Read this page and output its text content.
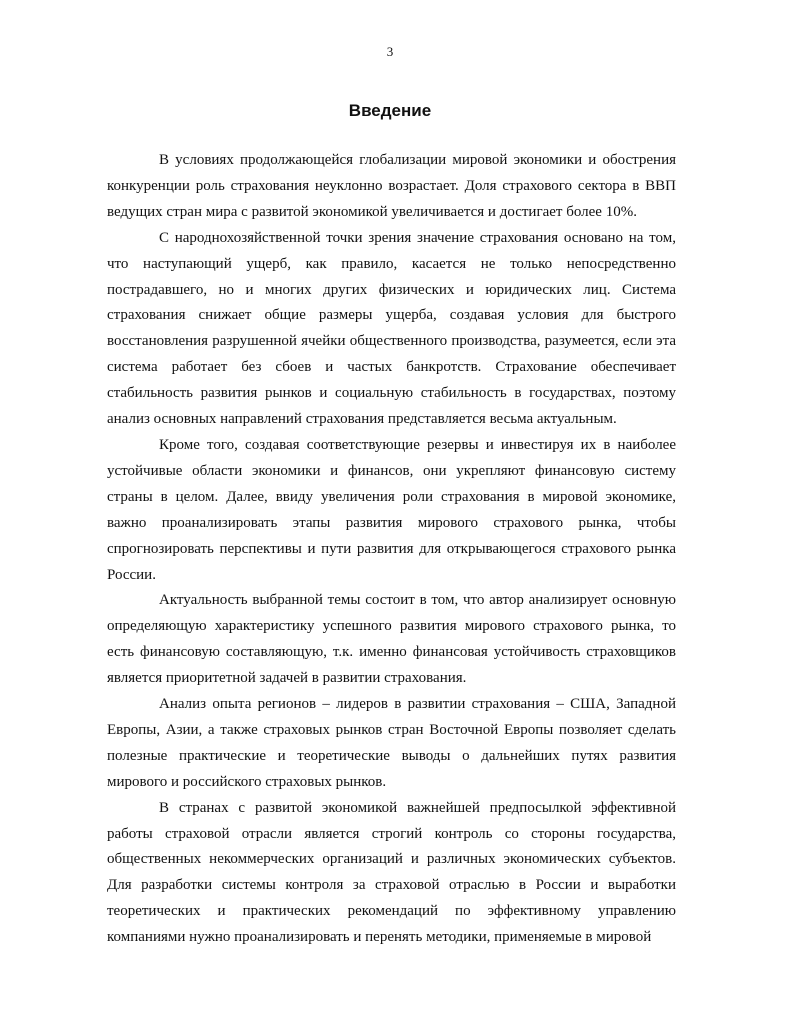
3
Введение

В условиях продолжающейся глобализации мировой экономики и обострения конкуренции роль страхования неуклонно возрастает. Доля страхового сектора в ВВП ведущих стран мира с развитой экономикой увеличивается и достигает более 10%.

С народнохозяйственной точки зрения значение страхования основано на том, что наступающий ущерб, как правило, касается не только непосредственно пострадавшего, но и многих других физических и юридических лиц. Система страхования снижает общие размеры ущерба, создавая условия для быстрого восстановления разрушенной ячейки общественного производства, разумеется, если эта система работает без сбоев и частых банкротств. Страхование обеспечивает стабильность развития рынков и социальную стабильность в государствах, поэтому анализ основных направлений страхования представляется весьма актуальным.

Кроме того, создавая соответствующие резервы и инвестируя их в наиболее устойчивые области экономики и финансов, они укрепляют финансовую систему страны в целом. Далее, ввиду увеличения роли страхования в мировой экономике, важно проанализировать этапы развития мирового страхового рынка, чтобы спрогнозировать перспективы и пути развития для открывающегося страхового рынка России.

Актуальность выбранной темы состоит в том, что автор анализирует основную определяющую характеристику успешного развития мирового страхового рынка, то есть финансовую составляющую, т.к. именно финансовая устойчивость страховщиков является приоритетной задачей в развитии страхования.

Анализ опыта регионов – лидеров в развитии страхования – США, Западной Европы, Азии, а также страховых рынков стран Восточной Европы позволяет сделать полезные практические и теоретические выводы о дальнейших путях развития мирового и российского страховых рынков.

В странах с развитой экономикой важнейшей предпосылкой эффективной работы страховой отрасли является строгий контроль со стороны государства, общественных некоммерческих организаций и различных экономических субъектов. Для разработки системы контроля за страховой отраслью в России и выработки теоретических и практических рекомендаций по эффективному управлению компаниями нужно проанализировать и перенять методики, применяемые в мировой
